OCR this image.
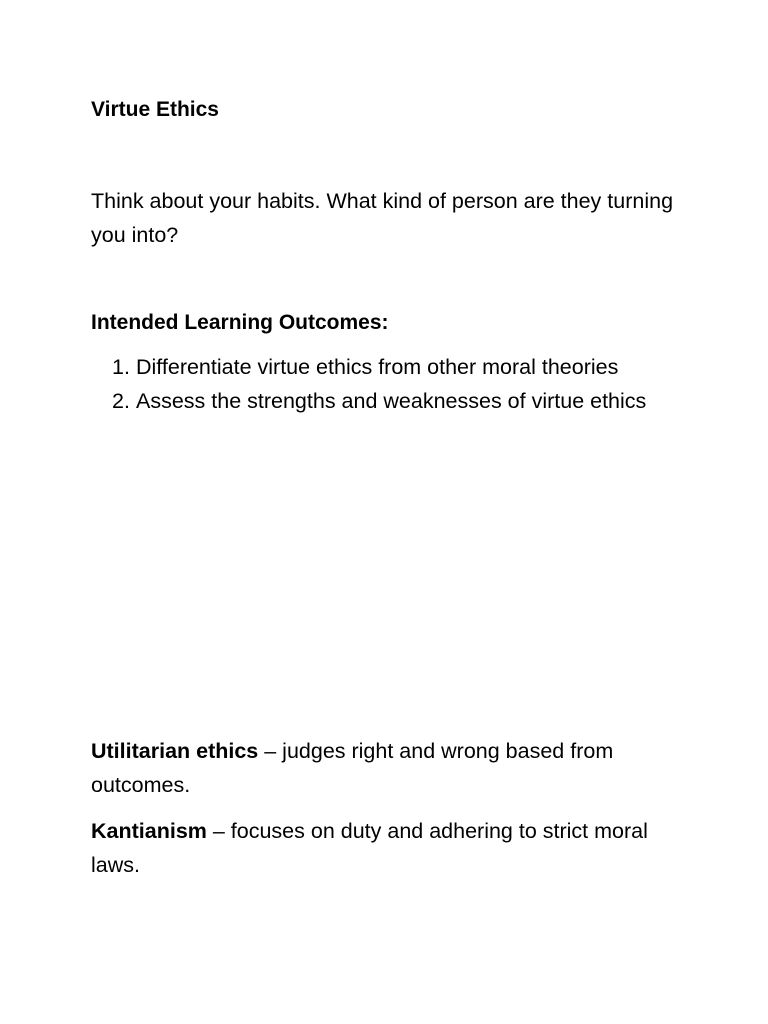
Virtue Ethics

Think about your habits. What kind of person are they turning you into?

Intended Learning Outcomes:
1. Differentiate virtue ethics from other moral theories
2. Assess the strengths and weaknesses of virtue ethics

Utilitarian ethics – judges right and wrong based from outcomes.

Kantianism – focuses on duty and adhering to strict moral laws.
